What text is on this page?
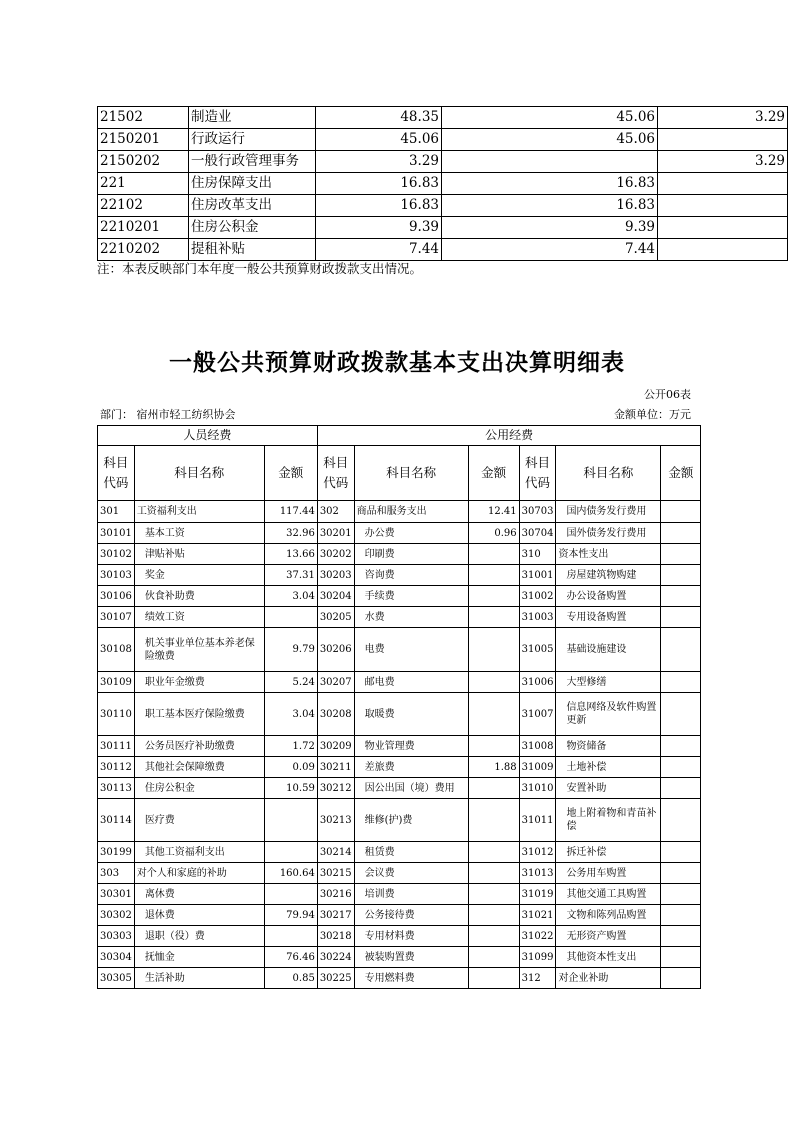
21502	制造业	48.35	45.06	3.29
2150201	行政运行	45.06	45.06	
2150202	一般行政管理事务	3.29		3.29
221	住房保障支出	16.83	16.83	
22102	住房改革支出	16.83	16.83	
2210201	住房公积金	9.39	9.39	
2210202	提租补贴	7.44	7.44	
注：本表反映部门本年度一般公共预算财政拨款支出情况。
一般公共预算财政拨款基本支出决算明细表
公开06表
部门： 宿州市轻工纺织协会	金额单位：万元
人员经费			公用经费					
科目代码	科目名称	金额	科目代码	科目名称	金额	科目代码	科目名称	金额
301	工资福利支出	117.44	302	商品和服务支出	12.41	30703	国内债务发行费用	
30101	基本工资	32.96	30201	办公费	0.96	30704	国外债务发行费用	
30102	津贴补贴	13.66	30202	印刷费		310	资本性支出	
30103	奖金	37.31	30203	咨询费		31001	房屋建筑物购建	
30106	伙食补助费	3.04	30204	手续费		31002	办公设备购置	
30107	绩效工资		30205	水费		31003	专用设备购置	
30108	机关事业单位基本养老保险缴费	9.79	30206	电费		31005	基础设施建设	
30109	职业年金缴费	5.24	30207	邮电费		31006	大型修缮	
30110	职工基本医疗保险缴费	3.04	30208	取暖费		31007	信息网络及软件购置更新	
30111	公务员医疗补助缴费	1.72	30209	物业管理费		31008	物资储备	
30112	其他社会保障缴费	0.09	30211	差旅费	1.88	31009	土地补偿	
30113	住房公积金	10.59	30212	因公出国（境）费用		31010	安置补助	
30114	医疗费		30213	维修(护)费		31011	地上附着物和青苗补偿	
30199	其他工资福利支出		30214	租赁费		31012	拆迁补偿	
303	对个人和家庭的补助	160.64	30215	会议费		31013	公务用车购置	
30301	离休费		30216	培训费		31019	其他交通工具购置	
30302	退休费	79.94	30217	公务接待费		31021	文物和陈列品购置	
30303	退职（役）费		30218	专用材料费		31022	无形资产购置	
30304	抚恤金	76.46	30224	被装购置费		31099	其他资本性支出	
30305	生活补助	0.85	30225	专用燃料费		312	对企业补助	
